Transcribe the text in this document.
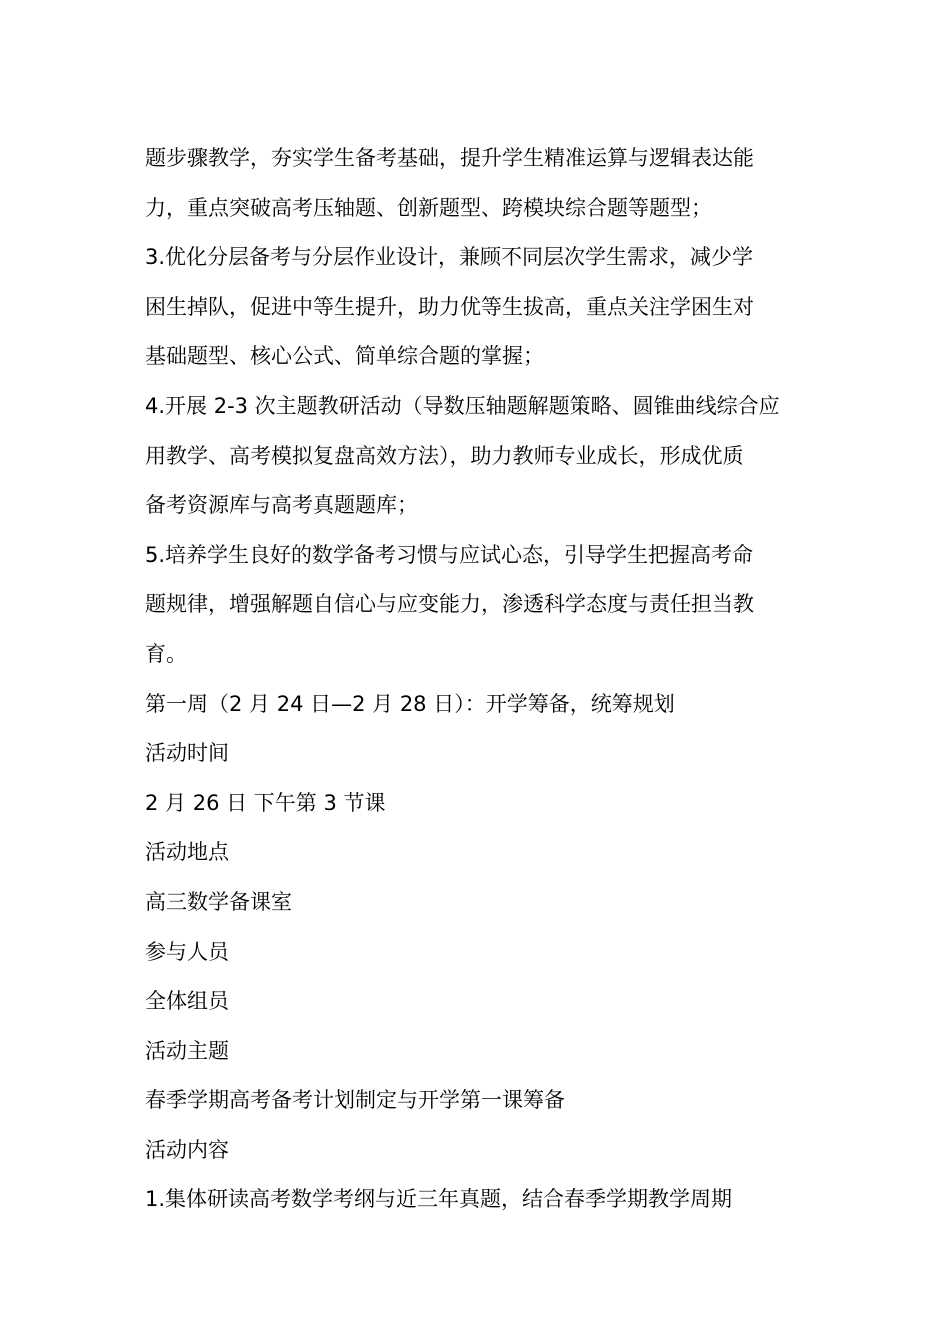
题步骤教学，夯实学生备考基础，提升学生精准运算与逻辑表达能
力，重点突破高考压轴题、创新题型、跨模块综合题等题型；
3.优化分层备考与分层作业设计，兼顾不同层次学生需求，减少学
困生掉队，促进中等生提升，助力优等生拔高，重点关注学困生对
基础题型、核心公式、简单综合题的掌握；
4.开展 2-3 次主题教研活动（导数压轴题解题策略、圆锥曲线综合应
用教学、高考模拟复盘高效方法），助力教师专业成长，形成优质
备考资源库与高考真题题库；
5.培养学生良好的数学备考习惯与应试心态，引导学生把握高考命
题规律，增强解题自信心与应变能力，渗透科学态度与责任担当教
育。
第一周（2 月 24 日—2 月 28 日）：开学筹备，统筹规划
活动时间
2 月 26 日 下午第 3 节课
活动地点
高三数学备课室
参与人员
全体组员
活动主题
春季学期高考备考计划制定与开学第一课筹备
活动内容
1.集体研读高考数学考纲与近三年真题，结合春季学期教学周期
